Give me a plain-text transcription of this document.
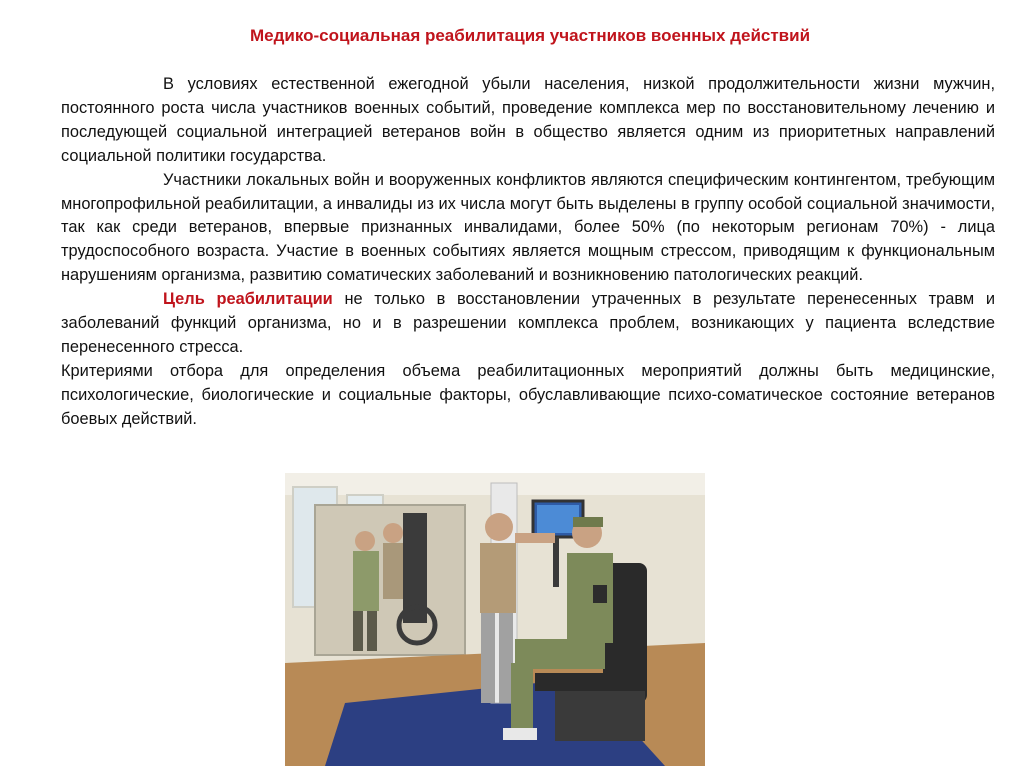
Медико-социальная реабилитация участников военных действий

В условиях естественной ежегодной убыли населения, низкой продолжительности жизни мужчин, постоянного роста числа участников военных событий, проведение комплекса мер по восстановительному лечению и последующей социальной интеграцией ветеранов войн в общество является одним из приоритетных направлений социальной политики государства.

Участники локальных войн и вооруженных конфликтов являются специфическим контингентом, требующим многопрофильной реабилитации, а инвалиды из их числа могут быть выделены в группу особой социальной значимости, так как среди ветеранов, впервые признанных инвалидами, более 50% (по некоторым регионам 70%) - лица трудоспособного возраста. Участие в военных событиях является мощным стрессом, приводящим к функциональным нарушениям организма, развитию соматических заболеваний и возникновению патологических реакций.

Цель реабилитации не только в восстановлении утраченных в результате перенесенных травм и заболеваний функций организма, но и в разрешении комплекса проблем, возникающих у пациента вследствие перенесенного стресса.

Критериями отбора для определения объема реабилитационных мероприятий должны быть медицинские, психологические, биологические и социальные факторы, обуславливающие психо-соматическое состояние ветеранов боевых действий.
